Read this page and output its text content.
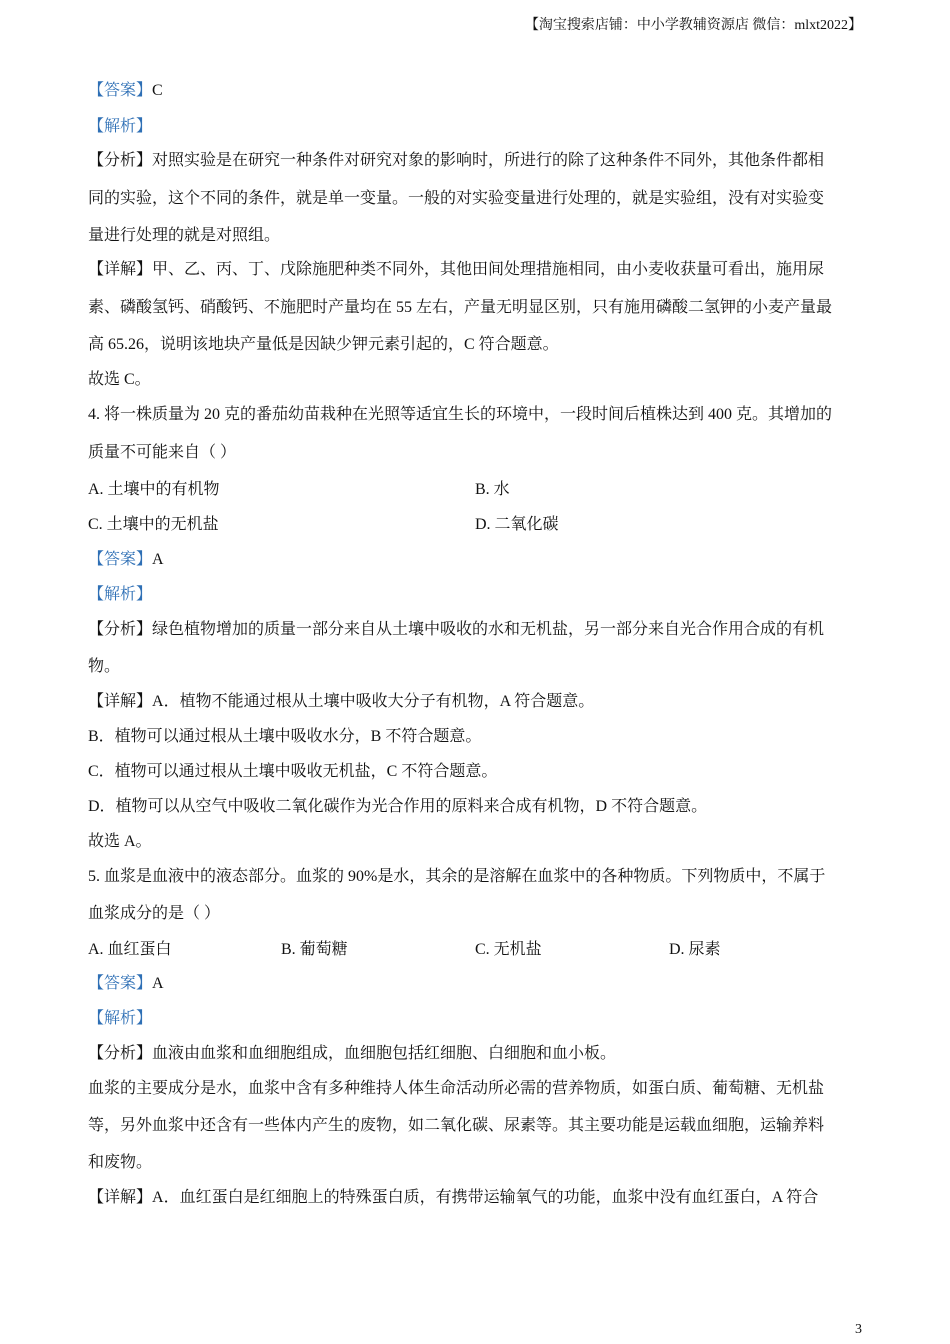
【淘宝搜索店铺：中小学教辅资源店 微信：mlxt2022】
【答案】C
【解析】
【分析】对照实验是在研究一种条件对研究对象的影响时，所进行的除了这种条件不同外，其他条件都相
同的实验，这个不同的条件，就是单一变量。一般的对实验变量进行处理的，就是实验组，没有对实验变
量进行处理的就是对照组。
【详解】甲、乙、丙、丁、戊除施肥种类不同外，其他田间处理措施相同，由小麦收获量可看出，施用尿
素、磷酸氢钙、硝酸钙、不施肥时产量均在 55 左右，产量无明显区别，只有施用磷酸二氢钾的小麦产量最
高 65.26，说明该地块产量低是因缺少钾元素引起的，C 符合题意。
故选 C。
4. 将一株质量为 20 克的番茄幼苗栽种在光照等适宜生长的环境中，一段时间后植株达到 400 克。其增加的
质量不可能来自（ ）
A. 土壤中的有机物	B. 水
C. 土壤中的无机盐	D. 二氧化碳
【答案】A
【解析】
【分析】绿色植物增加的质量一部分来自从土壤中吸收的水和无机盐，另一部分来自光合作用合成的有机
物。
【详解】A．植物不能通过根从土壤中吸收大分子有机物，A 符合题意。
B．植物可以通过根从土壤中吸收水分，B 不符合题意。
C．植物可以通过根从土壤中吸收无机盐，C 不符合题意。
D．植物可以从空气中吸收二氧化碳作为光合作用的原料来合成有机物，D 不符合题意。
故选 A。
5. 血浆是血液中的液态部分。血浆的 90%是水，其余的是溶解在血浆中的各种物质。下列物质中，不属于
血浆成分的是（ ）
A. 血红蛋白	B. 葡萄糖	C. 无机盐	D. 尿素
【答案】A
【解析】
【分析】血液由血浆和血细胞组成，血细胞包括红细胞、白细胞和血小板。
血浆的主要成分是水，血浆中含有多种维持人体生命活动所必需的营养物质，如蛋白质、葡萄糖、无机盐
等，另外血浆中还含有一些体内产生的废物，如二氧化碳、尿素等。其主要功能是运载血细胞，运输养料
和废物。
【详解】A．血红蛋白是红细胞上的特殊蛋白质，有携带运输氧气的功能，血浆中没有血红蛋白，A 符合
3
